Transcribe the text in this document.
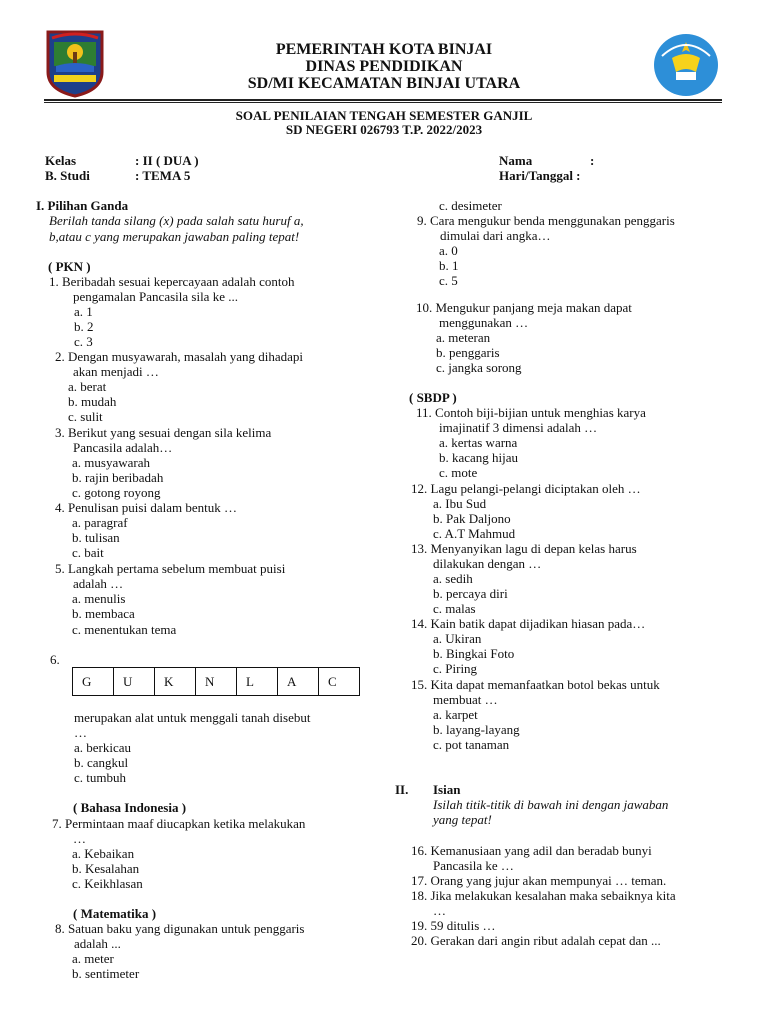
PEMERINTAH KOTA BINJAI
DINAS PENDIDIKAN
SD/MI KECAMATAN BINJAI UTARA
SOAL PENILAIAN TENGAH SEMESTER GANJIL
SD NEGERI 026793 T.P. 2022/2023
Kelas	: II ( DUA )
B. Studi	: TEMA 5
Nama	:
Hari/Tanggal :
I. Pilihan Ganda
Berilah tanda silang (x) pada salah satu huruf a,
b,atau c yang merupakan jawaban paling tepat!
( PKN )
1. Beribadah sesuai kepercayaan adalah contoh
pengamalan Pancasila sila ke ...
a. 1
b. 2
c. 3
2. Dengan musyawarah, masalah yang dihadapi
akan menjadi …
a. berat
b. mudah
c. sulit
3. Berikut yang sesuai dengan sila kelima
Pancasila adalah…
a. musyawarah
b. rajin beribadah
c. gotong royong
4. Penulisan puisi dalam bentuk …
a. paragraf
b. tulisan
c. bait
5. Langkah pertama sebelum membuat puisi
adalah …
a. menulis
b. membaca
c. menentukan tema
6.
G	U	K	N	L	A	C
merupakan alat untuk menggali tanah disebut
…
a. berkicau
b. cangkul
c. tumbuh
( Bahasa Indonesia )
7. Permintaan maaf diucapkan ketika melakukan
…
a. Kebaikan
b. Kesalahan
c. Keikhlasan
( Matematika )
8. Satuan baku yang digunakan untuk penggaris
adalah ...
a. meter
b. sentimeter
c. desimeter
9. Cara mengukur benda menggunakan penggaris
dimulai dari angka…
a. 0
b. 1
c. 5
10. Mengukur panjang meja makan dapat
menggunakan …
a. meteran
b. penggaris
c. jangka sorong
( SBDP )
11. Contoh biji-bijian untuk menghias karya
imajinatif 3 dimensi adalah …
a. kertas warna
b. kacang hijau
c. mote
12. Lagu pelangi-pelangi diciptakan oleh …
a. Ibu Sud
b. Pak Daljono
c. A.T Mahmud
13. Menyanyikan lagu di depan kelas harus
dilakukan dengan …
a. sedih
b. percaya diri
c. malas
14. Kain batik dapat dijadikan hiasan pada…
a. Ukiran
b. Bingkai Foto
c. Piring
15. Kita dapat memanfaatkan botol bekas untuk
membuat …
a. karpet
b. layang-layang
c. pot tanaman
II. Isian
Isilah titik-titik di bawah ini dengan jawaban
yang tepat!
16. Kemanusiaan yang adil dan beradab bunyi
Pancasila ke …
17. Orang yang jujur akan mempunyai … teman.
18. Jika melakukan kesalahan maka sebaiknya kita
…
19. 59 ditulis …
20. Gerakan dari angin ribut adalah cepat dan ...
